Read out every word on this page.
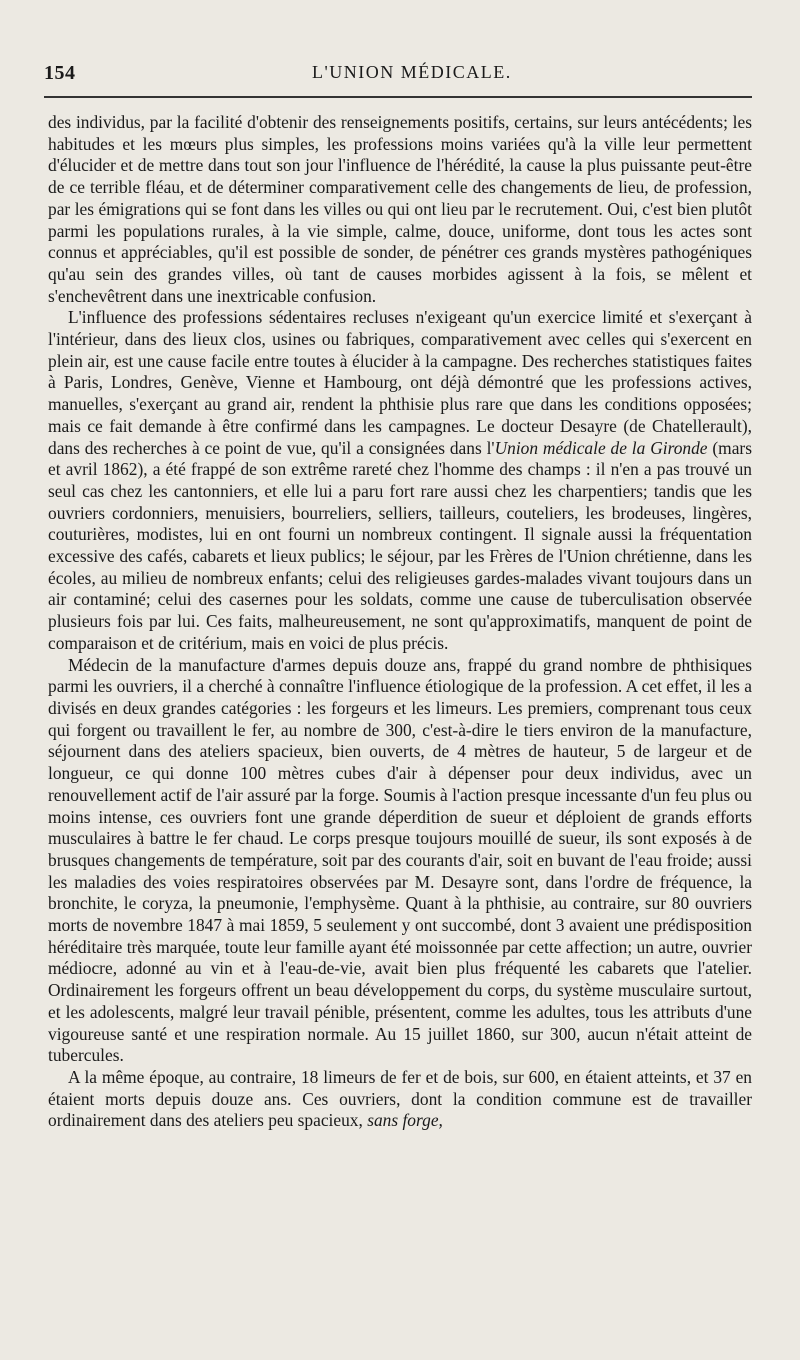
154	L'UNION MÉDICALE.

des individus, par la facilité d'obtenir des renseignements positifs, certains, sur leurs antécédents; les habitudes et les mœurs plus simples, les professions moins variées qu'à la ville leur permettent d'élucider et de mettre dans tout son jour l'influence de l'hérédité, la cause la plus puissante peut-être de ce terrible fléau, et de déterminer comparativement celle des changements de lieu, de profession, par les émigrations qui se font dans les villes ou qui ont lieu par le recrutement. Oui, c'est bien plutôt parmi les populations rurales, à la vie simple, calme, douce, uniforme, dont tous les actes sont connus et appréciables, qu'il est possible de sonder, de pénétrer ces grands mystères pathogéniques qu'au sein des grandes villes, où tant de causes morbides agissent à la fois, se mêlent et s'enchevêtrent dans une inextricable confusion.

L'influence des professions sédentaires recluses n'exigeant qu'un exercice limité et s'exerçant à l'intérieur, dans des lieux clos, usines ou fabriques, comparativement avec celles qui s'exercent en plein air, est une cause facile entre toutes à élucider à la campagne. Des recherches statistiques faites à Paris, Londres, Genève, Vienne et Hambourg, ont déjà démontré que les professions actives, manuelles, s'exerçant au grand air, rendent la phthisie plus rare que dans les conditions opposées; mais ce fait demande à être confirmé dans les campagnes. Le docteur Desayre (de Chatellerault), dans des recherches à ce point de vue, qu'il a consignées dans l'Union médicale de la Gironde (mars et avril 1862), a été frappé de son extrême rareté chez l'homme des champs : il n'en a pas trouvé un seul cas chez les cantonniers, et elle lui a paru fort rare aussi chez les charpentiers; tandis que les ouvriers cordonniers, menuisiers, bourreliers, selliers, tailleurs, couteliers, les brodeuses, lingères, couturières, modistes, lui en ont fourni un nombreux contingent. Il signale aussi la fréquentation excessive des cafés, cabarets et lieux publics; le séjour, par les Frères de l'Union chrétienne, dans les écoles, au milieu de nombreux enfants; celui des religieuses gardes-malades vivant toujours dans un air contaminé; celui des casernes pour les soldats, comme une cause de tuberculisation observée plusieurs fois par lui. Ces faits, malheureusement, ne sont qu'approximatifs, manquent de point de comparaison et de critérium, mais en voici de plus précis.

Médecin de la manufacture d'armes depuis douze ans, frappé du grand nombre de phthisiques parmi les ouvriers, il a cherché à connaître l'influence étiologique de la profession. A cet effet, il les a divisés en deux grandes catégories : les forgeurs et les limeurs. Les premiers, comprenant tous ceux qui forgent ou travaillent le fer, au nombre de 300, c'est-à-dire le tiers environ de la manufacture, séjournent dans des ateliers spacieux, bien ouverts, de 4 mètres de hauteur, 5 de largeur et de longueur, ce qui donne 100 mètres cubes d'air à dépenser pour deux individus, avec un renouvellement actif de l'air assuré par la forge. Soumis à l'action presque incessante d'un feu plus ou moins intense, ces ouvriers font une grande déperdition de sueur et déploient de grands efforts musculaires à battre le fer chaud. Le corps presque toujours mouillé de sueur, ils sont exposés à de brusques changements de température, soit par des courants d'air, soit en buvant de l'eau froide; aussi les maladies des voies respiratoires observées par M. Desayre sont, dans l'ordre de fréquence, la bronchite, le coryza, la pneumonie, l'emphysème. Quant à la phthisie, au contraire, sur 80 ouvriers morts de novembre 1847 à mai 1859, 5 seulement y ont succombé, dont 3 avaient une prédisposition héréditaire très marquée, toute leur famille ayant été moissonnée par cette affection; un autre, ouvrier médiocre, adonné au vin et à l'eau-de-vie, avait bien plus fréquenté les cabarets que l'atelier. Ordinairement les forgeurs offrent un beau développement du corps, du système musculaire surtout, et les adolescents, malgré leur travail pénible, présentent, comme les adultes, tous les attributs d'une vigoureuse santé et une respiration normale. Au 15 juillet 1860, sur 300, aucun n'était atteint de tubercules.

A la même époque, au contraire, 18 limeurs de fer et de bois, sur 600, en étaient atteints, et 37 en étaient morts depuis douze ans. Ces ouvriers, dont la condition commune est de travailler ordinairement dans des ateliers peu spacieux, sans forge,
